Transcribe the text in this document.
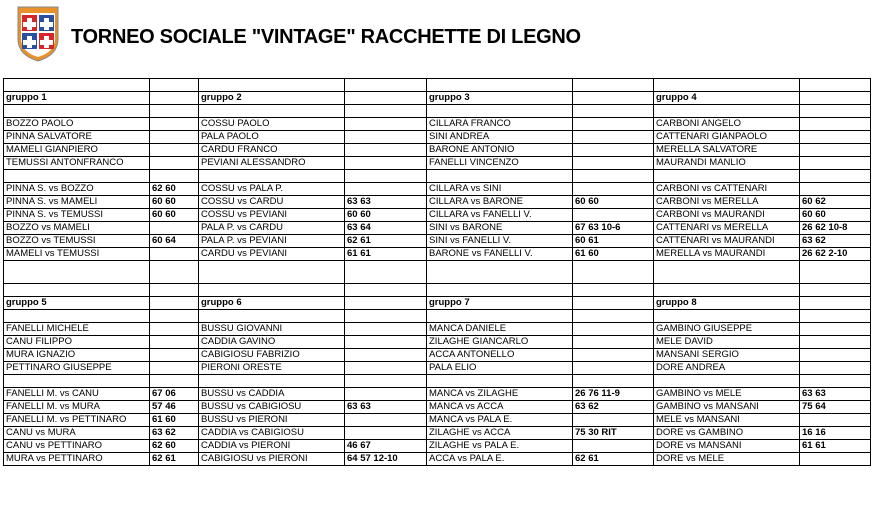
TORNEO SOCIALE "VINTAGE" RACCHETTE DI LEGNO

gruppo 1		gruppo 2		gruppo 3		gruppo 4	

BOZZO PAOLO		COSSU PAOLO		CILLARA FRANCO		CARBONI ANGELO	
PINNA SALVATORE		PALA PAOLO		SINI ANDREA		CATTENARI GIANPAOLO	
MAMELI GIANPIERO		CARDU FRANCO		BARONE ANTONIO		MERELLA SALVATORE	
TEMUSSI ANTONFRANCO		PEVIANI ALESSANDRO		FANELLI VINCENZO		MAURANDI MANLIO	

PINNA S. vs BOZZO	62 60	COSSU vs PALA P.		CILLARA vs SINI		CARBONI vs CATTENARI	
PINNA S. vs MAMELI	60 60	COSSU vs CARDU	63 63	CILLARA vs BARONE	60 60	CARBONI vs MERELLA	60 62
PINNA S. vs TEMUSSI	60 60	COSSU vs PEVIANI	60 60	CILLARA vs FANELLI V.		CARBONI vs MAURANDI	60 60
BOZZO vs MAMELI		PALA P. vs CARDU	63 64	SINI vs BARONE	67 63 10-6	CATTENARI vs MERELLA	26 62 10-8
BOZZO vs TEMUSSI	60 64	PALA P. vs PEVIANI	62 61	SINI vs FANELLI V.	60 61	CATTENARI vs MAURANDI	63 62
MAMELI vs TEMUSSI		CARDU vs PEVIANI	61 61	BARONE vs FANELLI V.	61 60	MERELLA vs MAURANDI	26 62 2-10

gruppo 5		gruppo 6		gruppo 7		gruppo 8	

FANELLI MICHELE		BUSSU GIOVANNI		MANCA DANIELE		GAMBINO GIUSEPPE	
CANU FILIPPO		CADDIA GAVINO		ZILAGHE GIANCARLO		MELE DAVID	
MURA IGNAZIO		CABIGIOSU FABRIZIO		ACCA ANTONELLO		MANSANI SERGIO	
PETTINARO GIUSEPPE		PIERONI ORESTE		PALA ELIO		DORE ANDREA	

FANELLI M. vs CANU	67 06	BUSSU vs CADDIA		MANCA vs ZILAGHE	26 76 11-9	GAMBINO vs MELE	63 63
FANELLI M. vs MURA	57 46	BUSSU vs CABIGIOSU	63 63	MANCA vs ACCA	63 62	GAMBINO vs MANSANI	75 64
FANELLI M. vs PETTINARO	61 60	BUSSU vs PIERONI		MANCA vs PALA E.		MELE vs MANSANI	
CANU vs MURA	63 62	CADDIA vs CABIGIOSU		ZILAGHE vs ACCA	75 30 RIT	DORE vs GAMBINO	16 16
CANU vs PETTINARO	62 60	CADDIA vs PIERONI	46 67	ZILAGHE vs PALA E.		DORE vs MANSANI	61 61
MURA vs PETTINARO	62 61	CABIGIOSU vs PIERONI	64 57 12-10	ACCA vs PALA E.	62 61	DORE vs MELE	
